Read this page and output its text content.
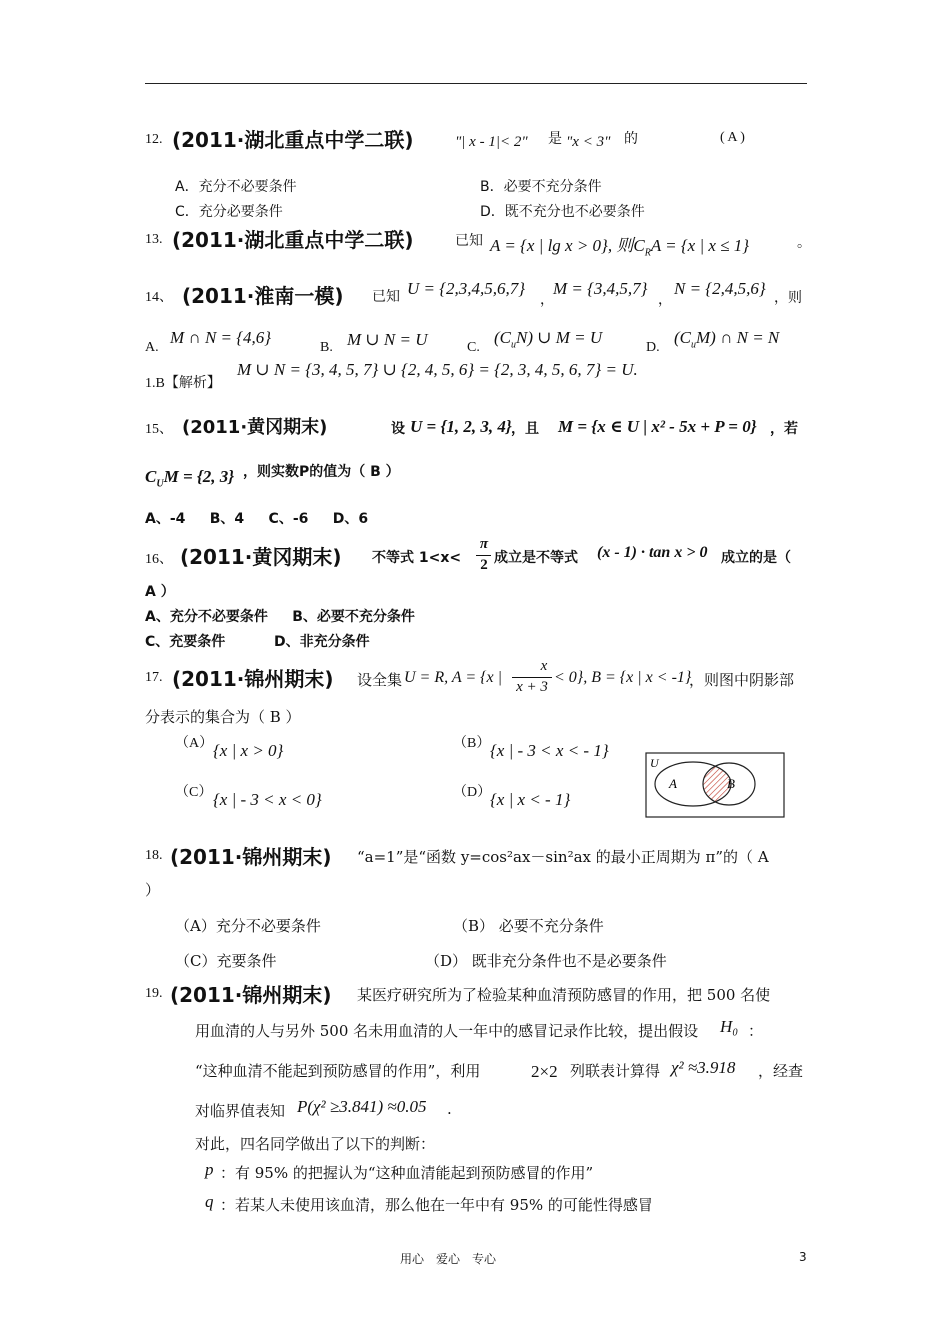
12. (2011·湖北重点中学二联)	"| x - 1|< 2" 是 "x < 3" 的	( A )
A．充分不必要条件	B．必要不充分条件
C．充分必要条件	D．既不充分也不必要条件
13. (2011·湖北重点中学二联)	已知 A = {x | lg x > 0}, 则$C_RA = \{x$ | x ≤ 1}	。
14、 (2011·淮南一模) 已知 U = {2,3,4,5,6,7}
，
M = {3,4,5,7}
，
N = {2,4,5,6}
，则
A.
M ∩ N = {4,6}
B. M ∪ N = U	C.
$(C_uN)$ ∪ M = U
D.
$(C_uM)$ ∩ N = N
1.B【解析】
M ∪ N = {3, 4, 5, 7} ∪ {2, 4, 5, 6} = {2, 3, 4, 5, 6, 7} = U.
15、 (2011·黄冈期末)	设 U = {1, 2, 3, 4} ，且 M = {x ∈ U | x² - 5x + P = 0} ，若
$C_UM = \{2$, 3} ，则实数P的值为（ B ）
A、-4     B、4     C、-6     D、6
16、 (2011·黄冈期末) 不等式 1<x<
π
2 成立是不等式 (x - 1) · tan x > 0 成立的是（
A ）
A、充分不必要条件     B、必要不充分条件
C、充要条件          D、非充分条件
17. (2011·锦州期末) 设全集 U = R, A = {x |
x
x + 3
< 0}, B = {x | x < -1}
，则图中阴影部
分表示的集合为（ B ）
（A） {x | x > 0}	（B） {x | - 3 < x < - 1}
（C） {x | - 3 < x < 0}	（D）
{x | x < - 1}
U
A	B
18. (2011·锦州期末) “a=1”是“函数 y=cos²ax－sin²ax 的最小正周期为 π”的（ A
）
（A）充分不必要条件	（B） 必要不充分条件
（C）充要条件	（D） 既非充分条件也不是必要条件
19. (2011·锦州期末) 某医疗研究所为了检验某种血清预防感冒的作用，把 500 名使
用血清的人与另外 500 名未用血清的人一年中的感冒记录作比较，提出假设 H₀ ：
“这种血清不能起到预防感冒的作用”，利用	2×2 列联表计算得 χ² ≈3.918 ，经查
对临界值表知 P(χ² ≥3.841) ≈0.05 .
对此，四名同学做出了以下的判断：
p ：有 95% 的把握认为“这种血清能起到预防感冒的作用”
q ：若某人未使用该血清，那么他在一年中有 95% 的可能性得感冒
用心　爱心　专心	3
